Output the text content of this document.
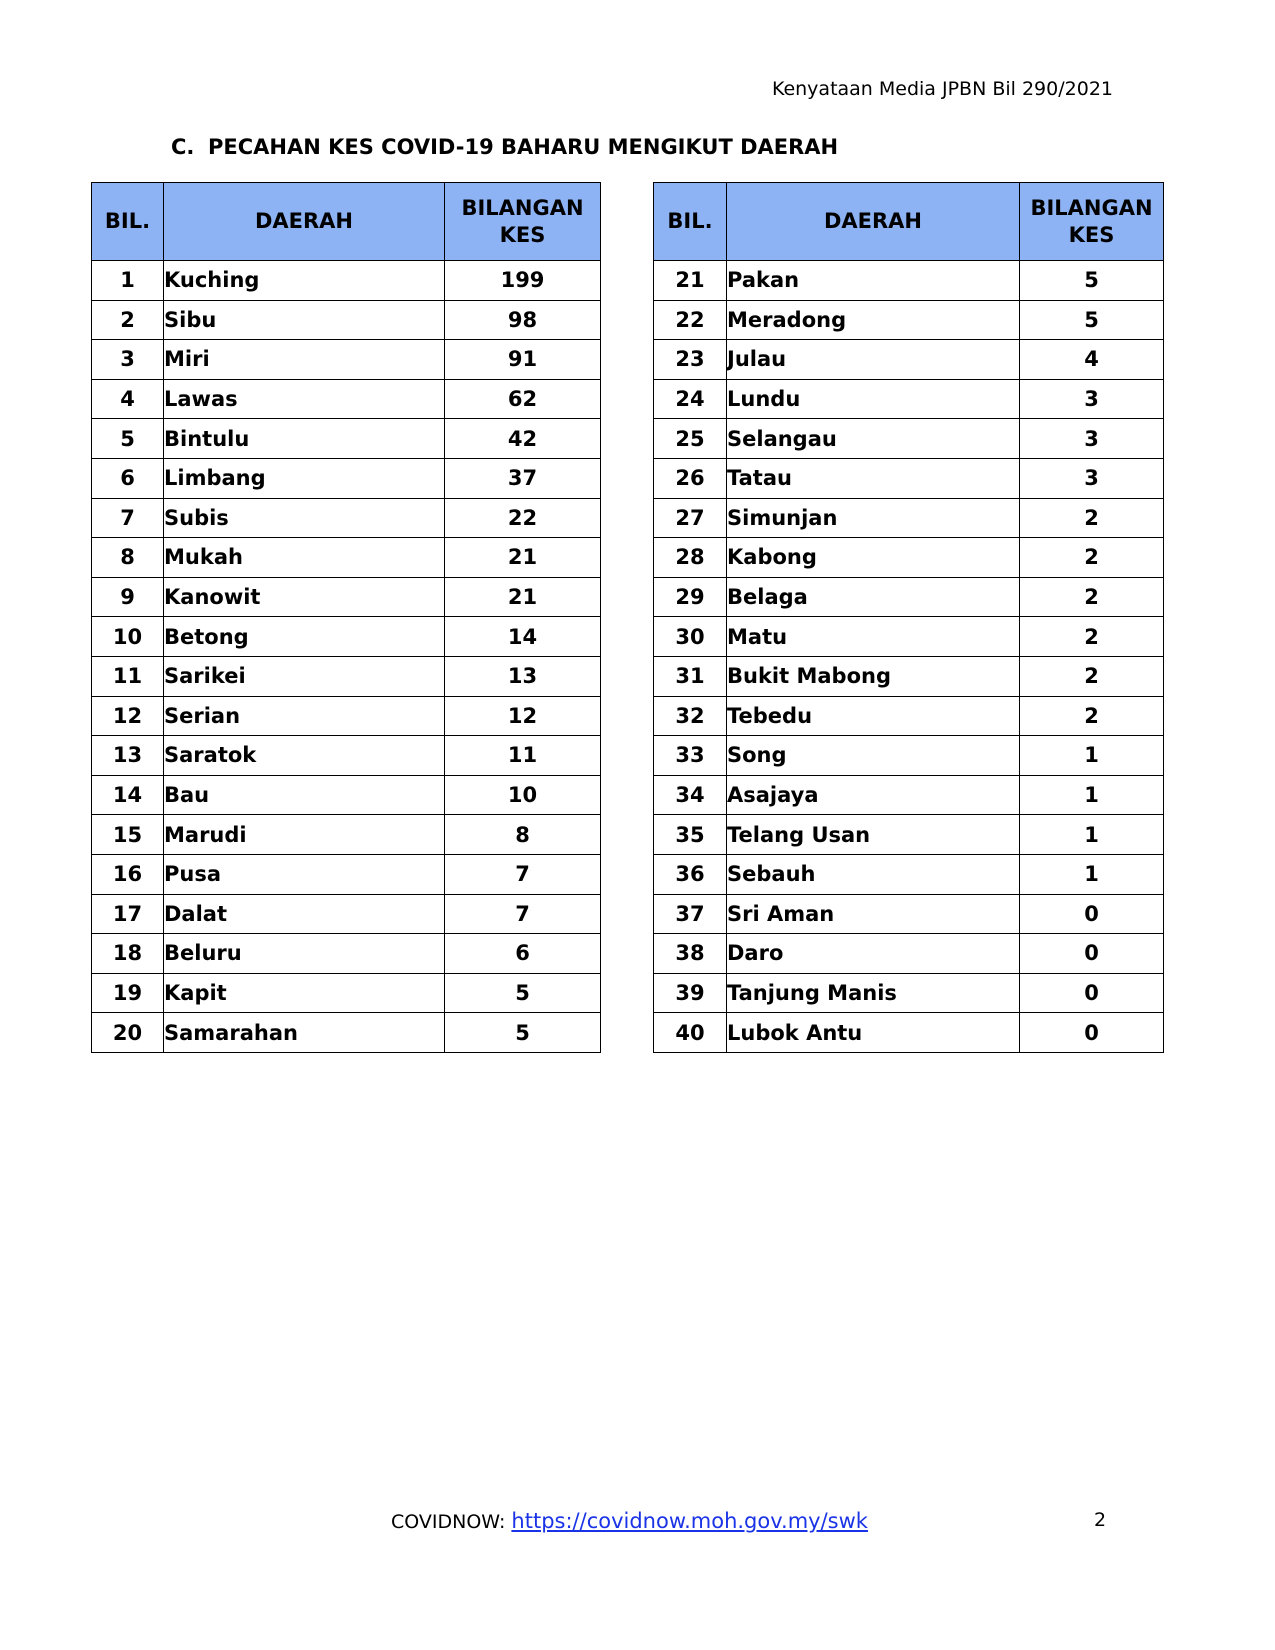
Kenyataan Media JPBN Bil 290/2021
C. PECAHAN KES COVID-19 BAHARU MENGIKUT DAERAH
BIL.	DAERAH	BILANGAN
KES
1	Kuching	199
2	Sibu	98
3	Miri	91
4	Lawas	62
5	Bintulu	42
6	Limbang	37
7	Subis	22
8	Mukah	21
9	Kanowit	21
10	Betong	14
11	Sarikei	13
12	Serian	12
13	Saratok	11
14	Bau	10
15	Marudi	8
16	Pusa	7
17	Dalat	7
18	Beluru	6
19	Kapit	5
20	Samarahan	5
BIL.	DAERAH	BILANGAN
KES
21	Pakan	5
22	Meradong	5
23	Julau	4
24	Lundu	3
25	Selangau	3
26	Tatau	3
27	Simunjan	2
28	Kabong	2
29	Belaga	2
30	Matu	2
31	Bukit Mabong	2
32	Tebedu	2
33	Song	1
34	Asajaya	1
35	Telang Usan	1
36	Sebauh	1
37	Sri Aman	0
38	Daro	0
39	Tanjung Manis	0
40	Lubok Antu	0
COVIDNOW: https://covidnow.moh.gov.my/swk	2
